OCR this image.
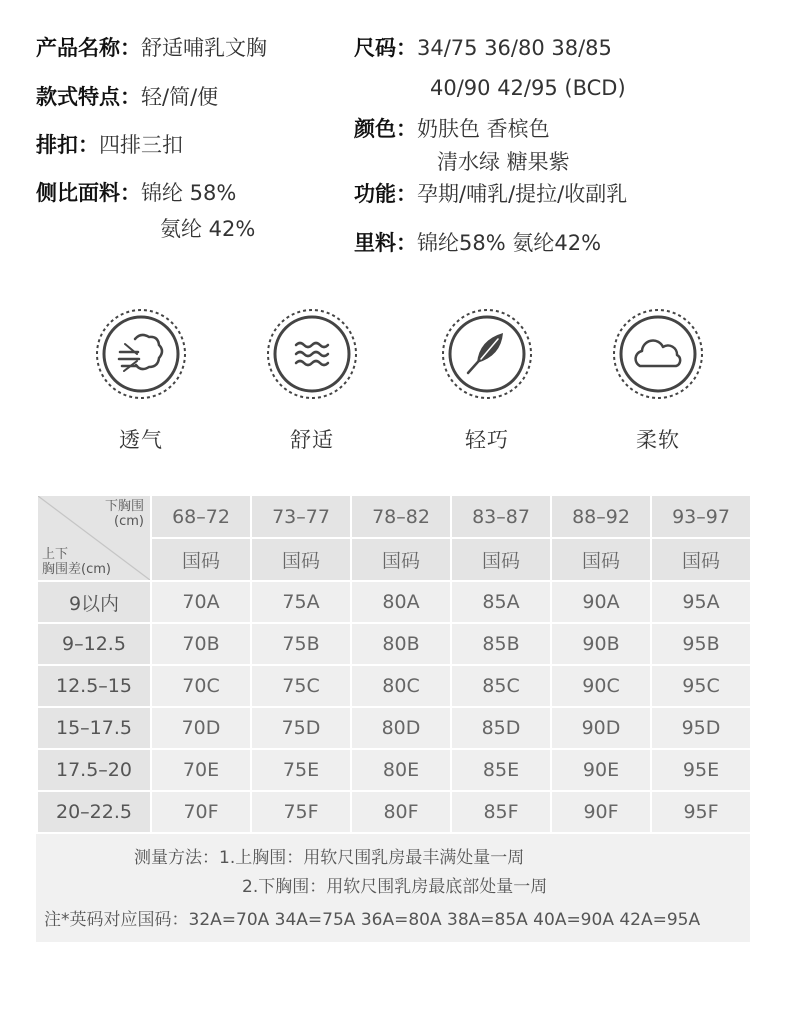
产品名称：舒适哺乳文胸
款式特点：轻/简/便
排扣：四排三扣
侧比面料：锦纶 58%
氨纶 42%
尺码：34/75 36/80 38/85
40/90 42/95 (BCD)
颜色：奶肤色 香槟色
清水绿 糖果紫
功能：孕期/哺乳/提拉/收副乳
里料：锦纶58% 氨纶42%
透气	舒适	轻巧	柔软
下胸围
(cm)
上下
胸围差(cm)	68–72	73–77	78–82	83–87	88–92	93–97
	国码	国码	国码	国码	国码	国码
9以内	70A	75A	80A	85A	90A	95A
9–12.5	70B	75B	80B	85B	90B	95B
12.5–15	70C	75C	80C	85C	90C	95C
15–17.5	70D	75D	80D	85D	90D	95D
17.5–20	70E	75E	80E	85E	90E	95E
20–22.5	70F	75F	80F	85F	90F	95F
测量方法：1.上胸围：用软尺围乳房最丰满处量一周
2.下胸围：用软尺围乳房最底部处量一周
注*英码对应国码：32A=70A 34A=75A 36A=80A 38A=85A 40A=90A 42A=95A
